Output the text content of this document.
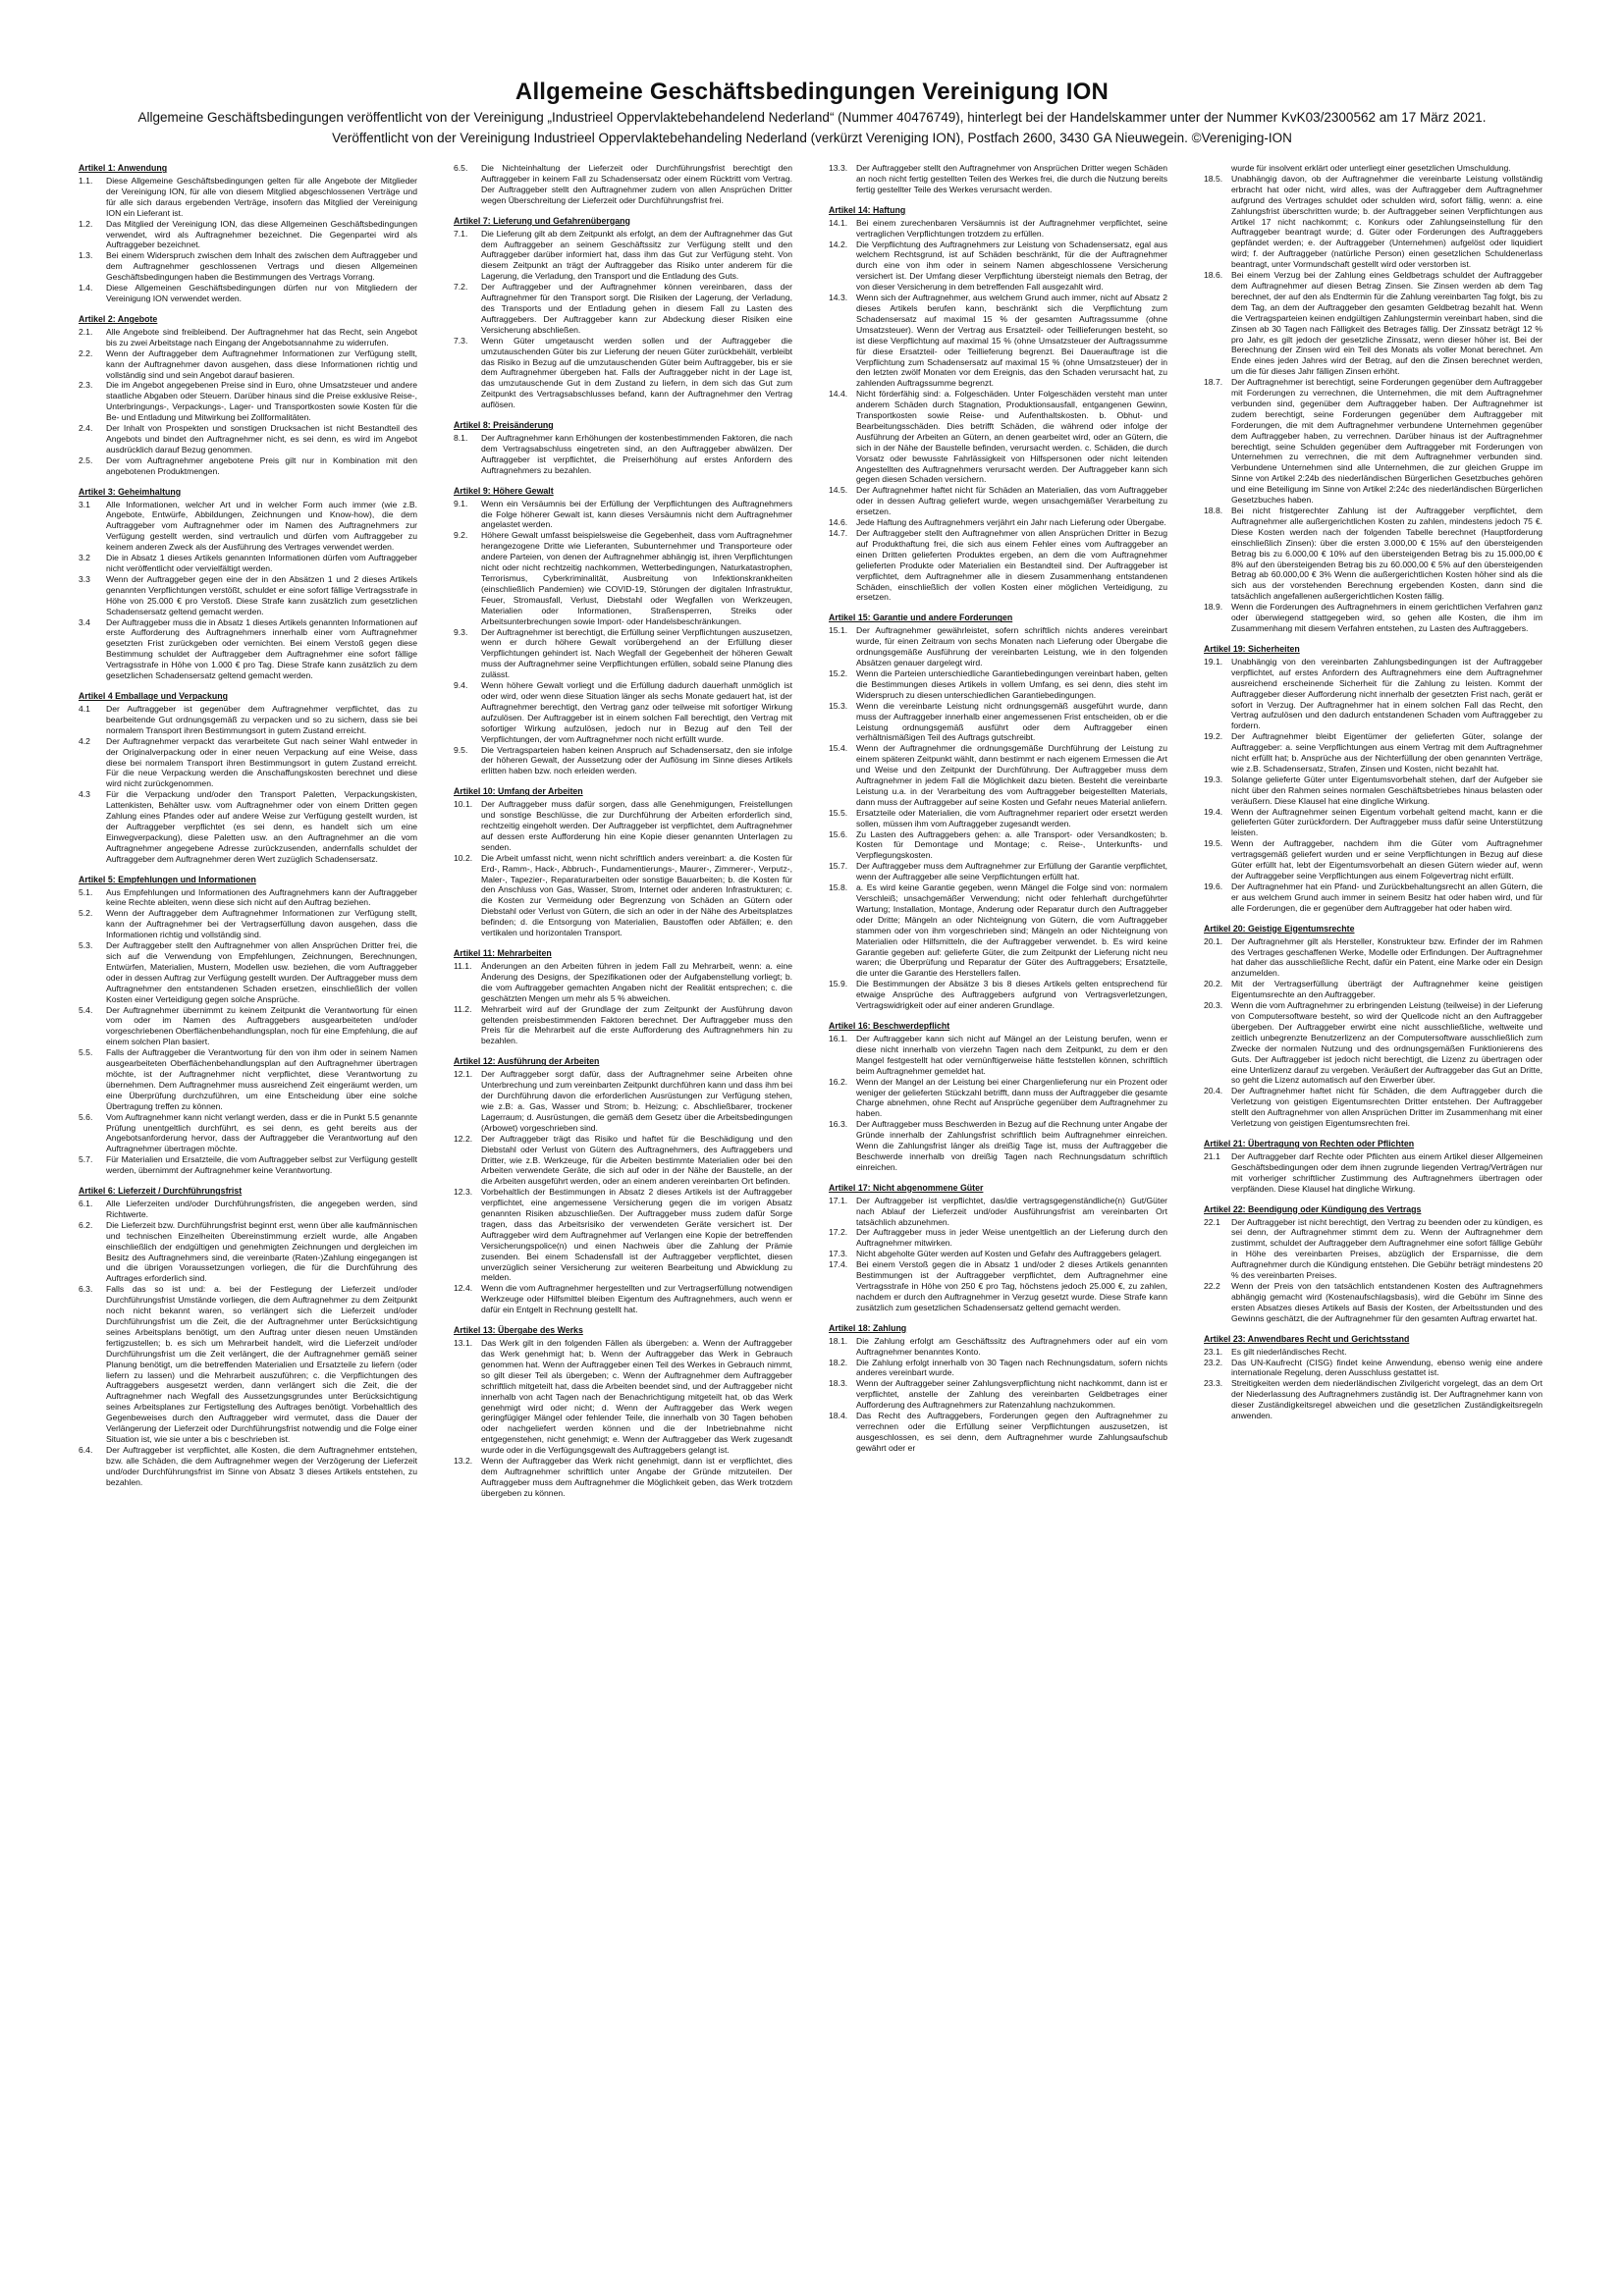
Allgemeine Geschäftsbedingungen Vereinigung ION
Allgemeine Geschäftsbedingungen veröffentlicht von der Vereinigung „Industrieel Oppervlaktebehandelend Nederland“ (Nummer 40476749), hinterlegt bei der Handelskammer unter der Nummer KvK03/2300562 am 17 März 2021.
Veröffentlicht von der Vereinigung Industrieel Oppervlaktebehandeling Nederland (verkürzt Vereniging ION), Postfach 2600, 3430 GA Nieuwegein. ©Vereniging-ION
Artikel 1: Anwendung
1.1.	Diese Allgemeine Geschäftsbedingungen gelten für alle Angebote der Mitglieder der Vereinigung ION, für alle von diesem Mitglied abgeschlossenen Verträge und für alle sich daraus ergebenden Verträge, insofern das Mitglied der Vereinigung ION ein Lieferant ist.
1.2.	Das Mitglied der Vereinigung ION, das diese Allgemeinen Geschäftsbedingungen verwendet, wird als Auftragnehmer bezeichnet. Die Gegenpartei wird als Auftraggeber bezeichnet.
1.3.	Bei einem Widerspruch zwischen dem Inhalt des zwischen dem Auftraggeber und dem Auftragnehmer geschlossenen Vertrags und diesen Allgemeinen Geschäftsbedingungen haben die Bestimmungen des Vertrags Vorrang.
1.4.	Diese Allgemeinen Geschäftsbedingungen dürfen nur von Mitgliedern der Vereinigung ION verwendet werden.
Artikel 2: Angebote
2.1.	Alle Angebote sind freibleibend. Der Auftragnehmer hat das Recht, sein Angebot bis zu zwei Arbeitstage nach Eingang der Angebotsannahme zu widerrufen.
2.2.	Wenn der Auftraggeber dem Auftragnehmer Informationen zur Verfügung stellt, kann der Auftragnehmer davon ausgehen, dass diese Informationen richtig und vollständig sind und sein Angebot darauf basieren.
2.3.	Die im Angebot angegebenen Preise sind in Euro, ohne Umsatzsteuer und andere staatliche Abgaben oder Steuern. Darüber hinaus sind die Preise exklusive Reise-, Unterbringungs-, Verpackungs-, Lager- und Transportkosten sowie Kosten für die Be- und Entladung und Mitwirkung bei Zollformalitäten.
2.4.	Der Inhalt von Prospekten und sonstigen Drucksachen ist nicht Bestandteil des Angebots und bindet den Auftragnehmer nicht, es sei denn, es wird im Angebot ausdrücklich darauf Bezug genommen.
2.5.	Der vom Auftragnehmer angebotene Preis gilt nur in Kombination mit den angebotenen Produktmengen.
Artikel 3: Geheimhaltung
3.1	Alle Informationen, welcher Art und in welcher Form auch immer (wie z.B. Angebote, Entwürfe, Abbildungen, Zeichnungen und Know-how), die dem Auftraggeber vom Auftragnehmer oder im Namen des Auftragnehmers zur Verfügung gestellt werden, sind vertraulich und dürfen vom Auftraggeber zu keinem anderen Zweck als der Ausführung des Vertrages verwendet werden.
3.2	Die in Absatz 1 dieses Artikels genannten Informationen dürfen vom Auftraggeber nicht veröffentlicht oder vervielfältigt werden.
3.3	Wenn der Auftraggeber gegen eine der in den Absätzen 1 und 2 dieses Artikels genannten Verpflichtungen verstößt, schuldet er eine sofort fällige Vertragsstrafe in Höhe von 25.000 € pro Verstoß. Diese Strafe kann zusätzlich zum gesetzlichen Schadensersatz geltend gemacht werden.
3.4	Der Auftraggeber muss die in Absatz 1 dieses Artikels genannten Informationen auf erste Aufforderung des Auftragnehmers innerhalb einer vom Auftragnehmer gesetzten Frist zurückgeben oder vernichten. Bei einem Verstoß gegen diese Bestimmung schuldet der Auftraggeber dem Auftragnehmer eine sofort fällige Vertragsstrafe in Höhe von 1.000 € pro Tag. Diese Strafe kann zusätzlich zu dem gesetzlichen Schadensersatz geltend gemacht werden.
Artikel 4 Emballage und Verpackung
4.1	Der Auftraggeber ist gegenüber dem Auftragnehmer verpflichtet, das zu bearbeitende Gut ordnungsgemäß zu verpacken und so zu sichern, dass sie bei normalem Transport ihren Bestimmungsort in gutem Zustand erreicht.
4.2	Der Auftragnehmer verpackt das verarbeitete Gut nach seiner Wahl entweder in der Originalverpackung oder in einer neuen Verpackung auf eine Weise, dass diese bei normalem Transport ihren Bestimmungsort in gutem Zustand erreicht. Für die neue Verpackung werden die Anschaffungskosten berechnet und diese wird nicht zurückgenommen.
4.3	Für die Verpackung und/oder den Transport Paletten, Verpackungskisten, Lattenkisten, Behälter usw. vom Auftragnehmer oder von einem Dritten gegen Zahlung eines Pfandes oder auf andere Weise zur Verfügung gestellt wurden, ist der Auftraggeber verpflichtet (es sei denn, es handelt sich um eine Einwegverpackung), diese Paletten usw. an den Auftragnehmer an die vom Auftragnehmer angegebene Adresse zurückzusenden, andernfalls schuldet der Auftraggeber dem Auftragnehmer deren Wert zuzüglich Schadensersatz.
Artikel 5: Empfehlungen und Informationen
5.1.	Aus Empfehlungen und Informationen des Auftragnehmers kann der Auftraggeber keine Rechte ableiten, wenn diese sich nicht auf den Auftrag beziehen.
5.2.	Wenn der Auftraggeber dem Auftragnehmer Informationen zur Verfügung stellt, kann der Auftragnehmer bei der Vertragserfüllung davon ausgehen, dass die Informationen richtig und vollständig sind.
5.3.	Der Auftraggeber stellt den Auftragnehmer von allen Ansprüchen Dritter frei, die sich auf die Verwendung von Empfehlungen, Zeichnungen, Berechnungen, Entwürfen, Materialien, Mustern, Modellen usw. beziehen, die vom Auftraggeber oder in dessen Auftrag zur Verfügung gestellt wurden. Der Auftraggeber muss dem Auftragnehmer den entstandenen Schaden ersetzen, einschließlich der vollen Kosten einer Verteidigung gegen solche Ansprüche.
5.4.	Der Auftragnehmer übernimmt zu keinem Zeitpunkt die Verantwortung für einen vom oder im Namen des Auftraggebers ausgearbeiteten und/oder vorgeschriebenen Oberflächenbehandlungsplan, noch für eine Empfehlung, die auf einem solchen Plan basiert.
5.5.	Falls der Auftraggeber die Verantwortung für den von ihm oder in seinem Namen ausgearbeiteten Oberflächenbehandlungsplan auf den Auftragnehmer übertragen möchte, ist der Auftragnehmer nicht verpflichtet, diese Verantwortung zu übernehmen. Dem Auftragnehmer muss ausreichend Zeit eingeräumt werden, um eine Überprüfung durchzuführen, um eine Entscheidung über eine solche Übertragung treffen zu können.
5.6.	Vom Auftragnehmer kann nicht verlangt werden, dass er die in Punkt 5.5 genannte Prüfung unentgeltlich durchführt, es sei denn, es geht bereits aus der Angebotsanforderung hervor, dass der Auftraggeber die Verantwortung auf den Auftragnehmer übertragen möchte.
5.7.	Für Materialien und Ersatzteile, die vom Auftraggeber selbst zur Verfügung gestellt werden, übernimmt der Auftragnehmer keine Verantwortung.
Artikel 6: Lieferzeit / Durchführungsfrist
6.1.	Alle Lieferzeiten und/oder Durchführungsfristen, die angegeben werden, sind Richtwerte.
6.2.	Die Lieferzeit bzw. Durchführungsfrist beginnt erst, wenn über alle kaufmännischen und technischen Einzelheiten Übereinstimmung erzielt wurde, alle Angaben einschließlich der endgültigen und genehmigten Zeichnungen und dergleichen im Besitz des Auftragnehmers sind, die vereinbarte (Raten-)Zahlung eingegangen ist und die übrigen Voraussetzungen vorliegen, die für die Durchführung des Auftrages erforderlich sind.
6.3.	Falls das so ist und: a. bei der Festlegung der Lieferzeit und/oder Durchführungsfrist Umstände vorliegen, die dem Auftragnehmer zu dem Zeitpunkt noch nicht bekannt waren, so verlängert sich die Lieferzeit und/oder Durchführungsfrist um die Zeit, die der Auftragnehmer unter Berücksichtigung seines Arbeitsplans benötigt, um den Auftrag unter diesen neuen Umständen fertigzustellen; b. es sich um Mehrarbeit handelt, wird die Lieferzeit und/oder Durchführungsfrist um die Zeit verlängert, die der Auftragnehmer gemäß seiner Planung benötigt, um die betreffenden Materialien und Ersatzteile zu liefern (oder liefern zu lassen) und die Mehrarbeit auszuführen; c. die Verpflichtungen des Auftraggebers ausgesetzt werden, dann verlängert sich die Zeit, die der Auftragnehmer nach Wegfall des Aussetzungsgrundes unter Berücksichtigung seines Arbeitsplanes zur Fertigstellung des Auftrages benötigt. Vorbehaltlich des Gegenbeweises durch den Auftraggeber wird vermutet, dass die Dauer der Verlängerung der Lieferzeit oder Durchführungsfrist notwendig und die Folge einer Situation ist, wie sie unter a bis c beschrieben ist.
6.4.	Der Auftraggeber ist verpflichtet, alle Kosten, die dem Auftragnehmer entstehen, bzw. alle Schäden, die dem Auftragnehmer wegen der Verzögerung der Lieferzeit und/oder Durchführungsfrist im Sinne von Absatz 3 dieses Artikels entstehen, zu bezahlen.
6.5.	Die Nichteinhaltung der Lieferzeit oder Durchführungsfrist berechtigt den Auftraggeber in keinem Fall zu Schadensersatz oder einem Rücktritt vom Vertrag. Der Auftraggeber stellt den Auftragnehmer zudem von allen Ansprüchen Dritter wegen Überschreitung der Lieferzeit oder Durchführungsfrist frei.
Artikel 7: Lieferung und Gefahrenübergang
7.1.	Die Lieferung gilt ab dem Zeitpunkt als erfolgt, an dem der Auftragnehmer das Gut dem Auftraggeber an seinem Geschäftssitz zur Verfügung stellt und den Auftraggeber darüber informiert hat, dass ihm das Gut zur Verfügung steht. Von diesem Zeitpunkt an trägt der Auftraggeber das Risiko unter anderem für die Lagerung, die Verladung, den Transport und die Entladung des Guts.
7.2.	Der Auftraggeber und der Auftragnehmer können vereinbaren, dass der Auftragnehmer für den Transport sorgt. Die Risiken der Lagerung, der Verladung, des Transports und der Entladung gehen in diesem Fall zu Lasten des Auftraggebers. Der Auftraggeber kann zur Abdeckung dieser Risiken eine Versicherung abschließen.
7.3.	Wenn Güter umgetauscht werden sollen und der Auftraggeber die umzutauschenden Güter bis zur Lieferung der neuen Güter zurückbehält, verbleibt das Risiko in Bezug auf die umzutauschenden Güter beim Auftraggeber, bis er sie dem Auftragnehmer übergeben hat. Falls der Auftraggeber nicht in der Lage ist, das umzutauschende Gut in dem Zustand zu liefern, in dem sich das Gut zum Zeitpunkt des Vertragsabschlusses befand, kann der Auftragnehmer den Vertrag auflösen.
Artikel 8: Preisänderung
8.1.	Der Auftragnehmer kann Erhöhungen der kostenbestimmenden Faktoren, die nach dem Vertragsabschluss eingetreten sind, an den Auftraggeber abwälzen. Der Auftraggeber ist verpflichtet, die Preiserhöhung auf erstes Anfordern des Auftragnehmers zu bezahlen.
Artikel 9: Höhere Gewalt
9.1.	Wenn ein Versäumnis bei der Erfüllung der Verpflichtungen des Auftragnehmers die Folge höherer Gewalt ist, kann dieses Versäumnis nicht dem Auftragnehmer angelastet werden.
9.2.	Höhere Gewalt umfasst beispielsweise die Gegebenheit, dass vom Auftragnehmer herangezogene Dritte wie Lieferanten, Subunternehmer und Transporteure oder andere Parteien, von denen der Auftragnehmer abhängig ist, ihren Verpflichtungen nicht oder nicht rechtzeitig nachkommen, Wetterbedingungen, Naturkatastrophen, Terrorismus, Cyberkriminalität, Ausbreitung von Infektionskrankheiten (einschließlich Pandemien) wie COVID-19, Störungen der digitalen Infrastruktur, Feuer, Stromausfall, Verlust, Diebstahl oder Wegfallen von Werkzeugen, Materialien oder Informationen, Straßensperren, Streiks oder Arbeitsunterbrechungen sowie Import- oder Handelsbeschränkungen.
9.3.	Der Auftragnehmer ist berechtigt, die Erfüllung seiner Verpflichtungen auszusetzen, wenn er durch höhere Gewalt vorübergehend an der Erfüllung dieser Verpflichtungen gehindert ist. Nach Wegfall der Gegebenheit der höheren Gewalt muss der Auftragnehmer seine Verpflichtungen erfüllen, sobald seine Planung dies zulässt.
9.4.	Wenn höhere Gewalt vorliegt und die Erfüllung dadurch dauerhaft unmöglich ist oder wird, oder wenn diese Situation länger als sechs Monate gedauert hat, ist der Auftragnehmer berechtigt, den Vertrag ganz oder teilweise mit sofortiger Wirkung aufzulösen. Der Auftraggeber ist in einem solchen Fall berechtigt, den Vertrag mit sofortiger Wirkung aufzulösen, jedoch nur in Bezug auf den Teil der Verpflichtungen, der vom Auftragnehmer noch nicht erfüllt wurde.
9.5.	Die Vertragsparteien haben keinen Anspruch auf Schadensersatz, den sie infolge der höheren Gewalt, der Aussetzung oder der Auflösung im Sinne dieses Artikels erlitten haben bzw. noch erleiden werden.
Artikel 10: Umfang der Arbeiten
10.1.	Der Auftraggeber muss dafür sorgen, dass alle Genehmigungen, Freistellungen und sonstige Beschlüsse, die zur Durchführung der Arbeiten erforderlich sind, rechtzeitig eingeholt werden. Der Auftraggeber ist verpflichtet, dem Auftragnehmer auf dessen erste Aufforderung hin eine Kopie dieser genannten Unterlagen zu senden.
10.2.	Die Arbeit umfasst nicht, wenn nicht schriftlich anders vereinbart: a. die Kosten für Erd-, Ramm-, Hack-, Abbruch-, Fundamentierungs-, Maurer-, Zimmerer-, Verputz-, Maler-, Tapezier-, Reparaturarbeiten oder sonstige Bauarbeiten; b. die Kosten für den Anschluss von Gas, Wasser, Strom, Internet oder anderen Infrastrukturen; c. die Kosten zur Vermeidung oder Begrenzung von Schäden an Gütern oder Diebstahl oder Verlust von Gütern, die sich an oder in der Nähe des Arbeitsplatzes befinden; d. die Entsorgung von Materialien, Baustoffen oder Abfällen; e. den vertikalen und horizontalen Transport.
Artikel 11: Mehrarbeiten
11.1.	Änderungen an den Arbeiten führen in jedem Fall zu Mehrarbeit, wenn: a. eine Änderung des Designs, der Spezifikationen oder der Aufgabenstellung vorliegt; b. die vom Auftraggeber gemachten Angaben nicht der Realität entsprechen; c. die geschätzten Mengen um mehr als 5 % abweichen.
11.2.	Mehrarbeit wird auf der Grundlage der zum Zeitpunkt der Ausführung davon geltenden preisbestimmenden Faktoren berechnet. Der Auftraggeber muss den Preis für die Mehrarbeit auf die erste Aufforderung des Auftragnehmers hin zu bezahlen.
Artikel 12: Ausführung der Arbeiten
12.1.	Der Auftraggeber sorgt dafür, dass der Auftragnehmer seine Arbeiten ohne Unterbrechung und zum vereinbarten Zeitpunkt durchführen kann und dass ihm bei der Durchführung davon die erforderlichen Ausrüstungen zur Verfügung stehen, wie z.B: a. Gas, Wasser und Strom; b. Heizung; c. Abschließbarer, trockener Lagerraum; d. Ausrüstungen, die gemäß dem Gesetz über die Arbeitsbedingungen (Arbowet) vorgeschrieben sind.
12.2.	Der Auftraggeber trägt das Risiko und haftet für die Beschädigung und den Diebstahl oder Verlust von Gütern des Auftragnehmers, des Auftraggebers und Dritter, wie z.B. Werkzeuge, für die Arbeiten bestimmte Materialien oder bei den Arbeiten verwendete Geräte, die sich auf oder in der Nähe der Baustelle, an der die Arbeiten ausgeführt werden, oder an einem anderen vereinbarten Ort befinden.
12.3.	Vorbehaltlich der Bestimmungen in Absatz 2 dieses Artikels ist der Auftraggeber verpflichtet, eine angemessene Versicherung gegen die im vorigen Absatz genannten Risiken abzuschließen. Der Auftraggeber muss zudem dafür Sorge tragen, dass das Arbeitsrisiko der verwendeten Geräte versichert ist. Der Auftraggeber wird dem Auftragnehmer auf Verlangen eine Kopie der betreffenden Versicherungspolice(n) und einen Nachweis über die Zahlung der Prämie zusenden. Bei einem Schadensfall ist der Auftraggeber verpflichtet, diesen unverzüglich seiner Versicherung zur weiteren Bearbeitung und Abwicklung zu melden.
12.4.	Wenn die vom Auftragnehmer hergestellten und zur Vertragserfüllung notwendigen Werkzeuge oder Hilfsmittel bleiben Eigentum des Auftragnehmers, auch wenn er dafür ein Entgelt in Rechnung gestellt hat.
Artikel 13: Übergabe des Werks
13.1.	Das Werk gilt in den folgenden Fällen als übergeben: a. Wenn der Auftraggeber das Werk genehmigt hat; b. Wenn der Auftraggeber das Werk in Gebrauch genommen hat. Wenn der Auftraggeber einen Teil des Werkes in Gebrauch nimmt, so gilt dieser Teil als übergeben; c. Wenn der Auftragnehmer dem Auftraggeber schriftlich mitgeteilt hat, dass die Arbeiten beendet sind, und der Auftraggeber nicht innerhalb von acht Tagen nach der Benachrichtigung mitgeteilt hat, ob das Werk genehmigt wird oder nicht; d. Wenn der Auftraggeber das Werk wegen geringfügiger Mängel oder fehlender Teile, die innerhalb von 30 Tagen behoben oder nachgeliefert werden können und die der Inbetriebnahme nicht entgegenstehen, nicht genehmigt; e. Wenn der Auftraggeber das Werk zugesandt wurde oder in die Verfügungsgewalt des Auftraggebers gelangt ist.
13.2.	Wenn der Auftraggeber das Werk nicht genehmigt, dann ist er verpflichtet, dies dem Auftragnehmer schriftlich unter Angabe der Gründe mitzuteilen. Der Auftraggeber muss dem Auftragnehmer die Möglichkeit geben, das Werk trotzdem übergeben zu können.
13.3.	Der Auftraggeber stellt den Auftragnehmer von Ansprüchen Dritter wegen Schäden an noch nicht fertig gestellten Teilen des Werkes frei, die durch die Nutzung bereits fertig gestellter Teile des Werkes verursacht werden.
Artikel 14: Haftung
14.1.	Bei einem zurechenbaren Versäumnis ist der Auftragnehmer verpflichtet, seine vertraglichen Verpflichtungen trotzdem zu erfüllen.
14.2.	Die Verpflichtung des Auftragnehmers zur Leistung von Schadensersatz, egal aus welchem Rechtsgrund, ist auf Schäden beschränkt, für die der Auftragnehmer durch eine von ihm oder in seinem Namen abgeschlossene Versicherung versichert ist. Der Umfang dieser Verpflichtung übersteigt niemals den Betrag, der von dieser Versicherung in dem betreffenden Fall ausgezahlt wird.
14.3.	Wenn sich der Auftragnehmer, aus welchem Grund auch immer, nicht auf Absatz 2 dieses Artikels berufen kann, beschränkt sich die Verpflichtung zum Schadensersatz auf maximal 15 % der gesamten Auftragssumme (ohne Umsatzsteuer). Wenn der Vertrag aus Ersatzteil- oder Teillieferungen besteht, so ist diese Verpflichtung auf maximal 15 % (ohne Umsatzsteuer der Auftragssumme für diese Ersatzteil- oder Teillieferung begrenzt. Bei Dauerauftrage ist die Verpflichtung zum Schadensersatz auf maximal 15 % (ohne Umsatzsteuer) der in den letzten zwölf Monaten vor dem Ereignis, das den Schaden verursacht hat, zu zahlenden Auftragssumme begrenzt.
14.4.	Nicht förderfähig sind: a. Folgeschäden. Unter Folgeschäden versteht man unter anderem Schäden durch Stagnation, Produktionsausfall, entgangenen Gewinn, Transportkosten sowie Reise- und Aufenthaltskosten. b. Obhut- und Bearbeitungsschäden. Dies betrifft Schäden, die während oder infolge der Ausführung der Arbeiten an Gütern, an denen gearbeitet wird, oder an Gütern, die sich in der Nähe der Baustelle befinden, verursacht werden. c. Schäden, die durch Vorsatz oder bewusste Fahrlässigkeit von Hilfspersonen oder nicht leitenden Angestellten des Auftragnehmers verursacht werden. Der Auftraggeber kann sich gegen diesen Schaden versichern.
14.5.	Der Auftragnehmer haftet nicht für Schäden an Materialien, das vom Auftraggeber oder in dessen Auftrag geliefert wurde, wegen unsachgemäßer Verarbeitung zu ersetzen.
14.6.	Jede Haftung des Auftragnehmers verjährt ein Jahr nach Lieferung oder Übergabe.
14.7.	Der Auftraggeber stellt den Auftragnehmer von allen Ansprüchen Dritter in Bezug auf Produkthaftung frei, die sich aus einem Fehler eines vom Auftraggeber an einen Dritten gelieferten Produktes ergeben, an dem die vom Auftragnehmer gelieferten Produkte oder Materialien ein Bestandteil sind. Der Auftraggeber ist verpflichtet, dem Auftragnehmer alle in diesem Zusammenhang entstandenen Schäden, einschließlich der vollen Kosten einer möglichen Verteidigung, zu ersetzen.
Artikel 15: Garantie und andere Forderungen
15.1.	Der Auftragnehmer gewährleistet, sofern schriftlich nichts anderes vereinbart wurde, für einen Zeitraum von sechs Monaten nach Lieferung oder Übergabe die ordnungsgemäße Ausführung der vereinbarten Leistung, wie in den folgenden Absätzen genauer dargelegt wird.
15.2.	Wenn die Parteien unterschiedliche Garantiebedingungen vereinbart haben, gelten die Bestimmungen dieses Artikels in vollem Umfang, es sei denn, dies steht im Widerspruch zu diesen unterschiedlichen Garantiebedingungen.
15.3.	Wenn die vereinbarte Leistung nicht ordnungsgemäß ausgeführt wurde, dann muss der Auftraggeber innerhalb einer angemessenen Frist entscheiden, ob er die Leistung ordnungsgemäß ausführt oder dem Auftraggeber einen verhältnismäßigen Teil des Auftrags gutschreibt.
15.4.	Wenn der Auftragnehmer die ordnungsgemäße Durchführung der Leistung zu einem späteren Zeitpunkt wählt, dann bestimmt er nach eigenem Ermessen die Art und Weise und den Zeitpunkt der Durchführung. Der Auftraggeber muss dem Auftragnehmer in jedem Fall die Möglichkeit dazu bieten. Besteht die vereinbarte Leistung u.a. in der Verarbeitung des vom Auftraggeber beigestellten Materials, dann muss der Auftraggeber auf seine Kosten und Gefahr neues Material anliefern.
15.5.	Ersatzteile oder Materialien, die vom Auftragnehmer repariert oder ersetzt werden sollen, müssen ihm vom Auftraggeber zugesandt werden.
15.6.	Zu Lasten des Auftraggebers gehen: a. alle Transport- oder Versandkosten; b. Kosten für Demontage und Montage; c. Reise-, Unterkunfts- und Verpflegungskosten.
15.7.	Der Auftraggeber muss dem Auftragnehmer zur Erfüllung der Garantie verpflichtet, wenn der Auftraggeber alle seine Verpflichtungen erfüllt hat.
15.8.	a. Es wird keine Garantie gegeben, wenn Mängel die Folge sind von: normalem Verschleiß; unsachgemäßer Verwendung; nicht oder fehlerhaft durchgeführter Wartung; Installation, Montage, Änderung oder Reparatur durch den Auftraggeber oder Dritte; Mängeln an oder Nichteignung von Gütern, die vom Auftraggeber stammen oder von ihm vorgeschrieben sind; Mängeln an oder Nichteignung von Materialien oder Hilfsmitteln, die der Auftraggeber verwendet. b. Es wird keine Garantie gegeben auf: gelieferte Güter, die zum Zeitpunkt der Lieferung nicht neu waren; die Überprüfung und Reparatur der Güter des Auftraggebers; Ersatzteile, die unter die Garantie des Herstellers fallen.
15.9.	Die Bestimmungen der Absätze 3 bis 8 dieses Artikels gelten entsprechend für etwaige Ansprüche des Auftraggebers aufgrund von Vertragsverletzungen, Vertragswidrigkeit oder auf einer anderen Grundlage.
Artikel 16: Beschwerdepflicht
16.1.	Der Auftraggeber kann sich nicht auf Mängel an der Leistung berufen, wenn er diese nicht innerhalb von vierzehn Tagen nach dem Zeitpunkt, zu dem er den Mangel festgestellt hat oder vernünftigerweise hätte feststellen können, schriftlich beim Auftragnehmer gemeldet hat.
16.2.	Wenn der Mangel an der Leistung bei einer Chargenlieferung nur ein Prozent oder weniger der gelieferten Stückzahl betrifft, dann muss der Auftraggeber die gesamte Charge abnehmen, ohne Recht auf Ansprüche gegenüber dem Auftragnehmer zu haben.
16.3.	Der Auftraggeber muss Beschwerden in Bezug auf die Rechnung unter Angabe der Gründe innerhalb der Zahlungsfrist schriftlich beim Auftragnehmer einreichen. Wenn die Zahlungsfrist länger als dreißig Tage ist, muss der Auftraggeber die Beschwerde innerhalb von dreißig Tagen nach Rechnungsdatum schriftlich einreichen.
Artikel 17: Nicht abgenommene Güter
17.1.	Der Auftraggeber ist verpflichtet, das/die vertragsgegenständliche(n) Gut/Güter nach Ablauf der Lieferzeit und/oder Ausführungsfrist am vereinbarten Ort tatsächlich abzunehmen.
17.2.	Der Auftraggeber muss in jeder Weise unentgeltlich an der Lieferung durch den Auftragnehmer mitwirken.
17.3.	Nicht abgeholte Güter werden auf Kosten und Gefahr des Auftraggebers gelagert.
17.4.	Bei einem Verstoß gegen die in Absatz 1 und/oder 2 dieses Artikels genannten Bestimmungen ist der Auftraggeber verpflichtet, dem Auftragnehmer eine Vertragsstrafe in Höhe von 250 € pro Tag, höchstens jedoch 25.000 €, zu zahlen, nachdem er durch den Auftragnehmer in Verzug gesetzt wurde. Diese Strafe kann zusätzlich zum gesetzlichen Schadensersatz geltend gemacht werden.
Artikel 18: Zahlung
18.1.	Die Zahlung erfolgt am Geschäftssitz des Auftragnehmers oder auf ein vom Auftragnehmer benanntes Konto.
18.2.	Die Zahlung erfolgt innerhalb von 30 Tagen nach Rechnungsdatum, sofern nichts anderes vereinbart wurde.
18.3.	Wenn der Auftraggeber seiner Zahlungsverpflichtung nicht nachkommt, dann ist er verpflichtet, anstelle der Zahlung des vereinbarten Geldbetrages einer Aufforderung des Auftragnehmers zur Ratenzahlung nachzukommen.
18.4.	Das Recht des Auftraggebers, Forderungen gegen den Auftragnehmer zu verrechnen oder die Erfüllung seiner Verpflichtungen auszusetzen, ist ausgeschlossen, es sei denn, dem Auftragnehmer wurde Zahlungsaufschub gewährt oder er
wurde für insolvent erklärt oder unterliegt einer gesetzlichen Umschuldung.
18.5.	Unabhängig davon, ob der Auftragnehmer die vereinbarte Leistung vollständig erbracht hat oder nicht, wird alles, was der Auftraggeber dem Auftragnehmer aufgrund des Vertrages schuldet oder schulden wird, sofort fällig, wenn: a. eine Zahlungsfrist überschritten wurde; b. der Auftraggeber seinen Verpflichtungen aus Artikel 17 nicht nachkommt; c. Konkurs oder Zahlungseinstellung für den Auftraggeber beantragt wurde; d. Güter oder Forderungen des Auftraggebers gepfändet werden; e. der Auftraggeber (Unternehmen) aufgelöst oder liquidiert wird; f. der Auftraggeber (natürliche Person) einen gesetzlichen Schuldenerlass beantragt, unter Vormundschaft gestellt wird oder verstorben ist.
18.6.	Bei einem Verzug bei der Zahlung eines Geldbetrags schuldet der Auftraggeber dem Auftragnehmer auf diesen Betrag Zinsen. Sie Zinsen werden ab dem Tag berechnet, der auf den als Endtermin für die Zahlung vereinbarten Tag folgt, bis zu dem Tag, an dem der Auftraggeber den gesamten Geldbetrag bezahlt hat. Wenn die Vertragsparteien keinen endgültigen Zahlungstermin vereinbart haben, sind die Zinsen ab 30 Tagen nach Fälligkeit des Betrages fällig. Der Zinssatz beträgt 12 % pro Jahr, es gilt jedoch der gesetzliche Zinssatz, wenn dieser höher ist. Bei der Berechnung der Zinsen wird ein Teil des Monats als voller Monat berechnet. Am Ende eines jeden Jahres wird der Betrag, auf den die Zinsen berechnet werden, um die für dieses Jahr fälligen Zinsen erhöht.
18.7.	Der Auftragnehmer ist berechtigt, seine Forderungen gegenüber dem Auftraggeber mit Forderungen zu verrechnen, die Unternehmen, die mit dem Auftragnehmer verbunden sind, gegenüber dem Auftraggeber haben. Der Auftragnehmer ist zudem berechtigt, seine Forderungen gegenüber dem Auftraggeber mit Forderungen, die mit dem Auftragnehmer verbundene Unternehmen gegenüber dem Auftraggeber haben, zu verrechnen. Darüber hinaus ist der Auftragnehmer berechtigt, seine Schulden gegenüber dem Auftraggeber mit Forderungen von Unternehmen zu verrechnen, die mit dem Auftragnehmer verbunden sind. Verbundene Unternehmen sind alle Unternehmen, die zur gleichen Gruppe im Sinne von Artikel 2:24b des niederländischen Bürgerlichen Gesetzbuches gehören und eine Beteiligung im Sinne von Artikel 2:24c des niederländischen Bürgerlichen Gesetzbuches haben.
18.8.	Bei nicht fristgerechter Zahlung ist der Auftraggeber verpflichtet, dem Auftragnehmer alle außergerichtlichen Kosten zu zahlen, mindestens jedoch 75 €. Diese Kosten werden nach der folgenden Tabelle berechnet (Hauptforderung einschließlich Zinsen): über die ersten 3.000,00 € 15% auf den übersteigenden Betrag bis zu 6.000,00 € 10% auf den übersteigenden Betrag bis zu 15.000,00 € 8% auf den übersteigenden Betrag bis zu 60.000,00 € 5% auf den übersteigenden Betrag ab 60.000,00 € 3% Wenn die außergerichtlichen Kosten höher sind als die sich aus der vorstehenden Berechnung ergebenden Kosten, dann sind die tatsächlich angefallenen außergerichtlichen Kosten fällig.
18.9.	Wenn die Forderungen des Auftragnehmers in einem gerichtlichen Verfahren ganz oder überwiegend stattgegeben wird, so gehen alle Kosten, die ihm im Zusammenhang mit diesem Verfahren entstehen, zu Lasten des Auftraggebers.
Artikel 19: Sicherheiten
19.1.	Unabhängig von den vereinbarten Zahlungsbedingungen ist der Auftraggeber verpflichtet, auf erstes Anfordern des Auftragnehmers eine dem Auftragnehmer ausreichend erscheinende Sicherheit für die Zahlung zu leisten. Kommt der Auftraggeber dieser Aufforderung nicht innerhalb der gesetzten Frist nach, gerät er sofort in Verzug. Der Auftragnehmer hat in einem solchen Fall das Recht, den Vertrag aufzulösen und den dadurch entstandenen Schaden vom Auftraggeber zu fordern.
19.2.	Der Auftragnehmer bleibt Eigentümer der gelieferten Güter, solange der Auftraggeber: a. seine Verpflichtungen aus einem Vertrag mit dem Auftragnehmer nicht erfüllt hat; b. Ansprüche aus der Nichterfüllung der oben genannten Verträge, wie z.B. Schadensersatz, Strafen, Zinsen und Kosten, nicht bezahlt hat.
19.3.	Solange gelieferte Güter unter Eigentumsvorbehalt stehen, darf der Aufgeber sie nicht über den Rahmen seines normalen Geschäftsbetriebes hinaus belasten oder veräußern. Diese Klausel hat eine dingliche Wirkung.
19.4.	Wenn der Auftragnehmer seinen Eigentum vorbehalt geltend macht, kann er die gelieferten Güter zurückfordern. Der Auftraggeber muss dafür seine Unterstützung leisten.
19.5.	Wenn der Auftraggeber, nachdem ihm die Güter vom Auftragnehmer vertragsgemäß geliefert wurden und er seine Verpflichtungen in Bezug auf diese Güter erfüllt hat, lebt der Eigentumsvorbehalt an diesen Gütern wieder auf, wenn der Auftraggeber seine Verpflichtungen aus einem Folgevertrag nicht erfüllt.
19.6.	Der Auftragnehmer hat ein Pfand- und Zurückbehaltungsrecht an allen Gütern, die er aus welchem Grund auch immer in seinem Besitz hat oder haben wird, und für alle Forderungen, die er gegenüber dem Auftraggeber hat oder haben wird.
Artikel 20: Geistige Eigentumsrechte
20.1.	Der Auftragnehmer gilt als Hersteller, Konstrukteur bzw. Erfinder der im Rahmen des Vertrages geschaffenen Werke, Modelle oder Erfindungen. Der Auftragnehmer hat daher das ausschließliche Recht, dafür ein Patent, eine Marke oder ein Design anzumelden.
20.2.	Mit der Vertragserfüllung überträgt der Auftragnehmer keine geistigen Eigentumsrechte an den Auftraggeber.
20.3.	Wenn die vom Auftragnehmer zu erbringenden Leistung (teilweise) in der Lieferung von Computersoftware besteht, so wird der Quellcode nicht an den Auftraggeber übergeben. Der Auftraggeber erwirbt eine nicht ausschließliche, weltweite und zeitlich unbegrenzte Benutzerlizenz an der Computersoftware ausschließlich zum Zwecke der normalen Nutzung und des ordnungsgemäßen Funktionierens des Guts. Der Auftraggeber ist jedoch nicht berechtigt, die Lizenz zu übertragen oder eine Unterlizenz darauf zu vergeben. Veräußert der Auftraggeber das Gut an Dritte, so geht die Lizenz automatisch auf den Erwerber über.
20.4.	Der Auftragnehmer haftet nicht für Schäden, die dem Auftraggeber durch die Verletzung von geistigen Eigentumsrechten Dritter entstehen. Der Auftraggeber stellt den Auftragnehmer von allen Ansprüchen Dritter im Zusammenhang mit einer Verletzung von geistigen Eigentumsrechten frei.
Artikel 21: Übertragung von Rechten oder Pflichten
21.1	Der Auftraggeber darf Rechte oder Pflichten aus einem Artikel dieser Allgemeinen Geschäftsbedingungen oder dem ihnen zugrunde liegenden Vertrag/Verträgen nur mit vorheriger schriftlicher Zustimmung des Auftragnehmers übertragen oder verpfänden. Diese Klausel hat dingliche Wirkung.
Artikel 22: Beendigung oder Kündigung des Vertrags
22.1	Der Auftraggeber ist nicht berechtigt, den Vertrag zu beenden oder zu kündigen, es sei denn, der Auftragnehmer stimmt dem zu. Wenn der Auftragnehmer dem zustimmt, schuldet der Auftraggeber dem Auftragnehmer eine sofort fällige Gebühr in Höhe des vereinbarten Preises, abzüglich der Ersparnisse, die dem Auftragnehmer durch die Kündigung entstehen. Die Gebühr beträgt mindestens 20 % des vereinbarten Preises.
22.2	Wenn der Preis von den tatsächlich entstandenen Kosten des Auftragnehmers abhängig gemacht wird (Kostenaufschlagsbasis), wird die Gebühr im Sinne des ersten Absatzes dieses Artikels auf Basis der Kosten, der Arbeitsstunden und des Gewinns geschätzt, die der Auftragnehmer für den gesamten Auftrag erwartet hat.
Artikel 23: Anwendbares Recht und Gerichtsstand
23.1.	Es gilt niederländisches Recht.
23.2.	Das UN-Kaufrecht (CISG) findet keine Anwendung, ebenso wenig eine andere internationale Regelung, deren Ausschluss gestattet ist.
23.3.	Streitigkeiten werden dem niederländischen Zivilgericht vorgelegt, das an dem Ort der Niederlassung des Auftragnehmers zuständig ist. Der Auftragnehmer kann von dieser Zuständigkeitsregel abweichen und die gesetzlichen Zuständigkeitsregeln anwenden.
